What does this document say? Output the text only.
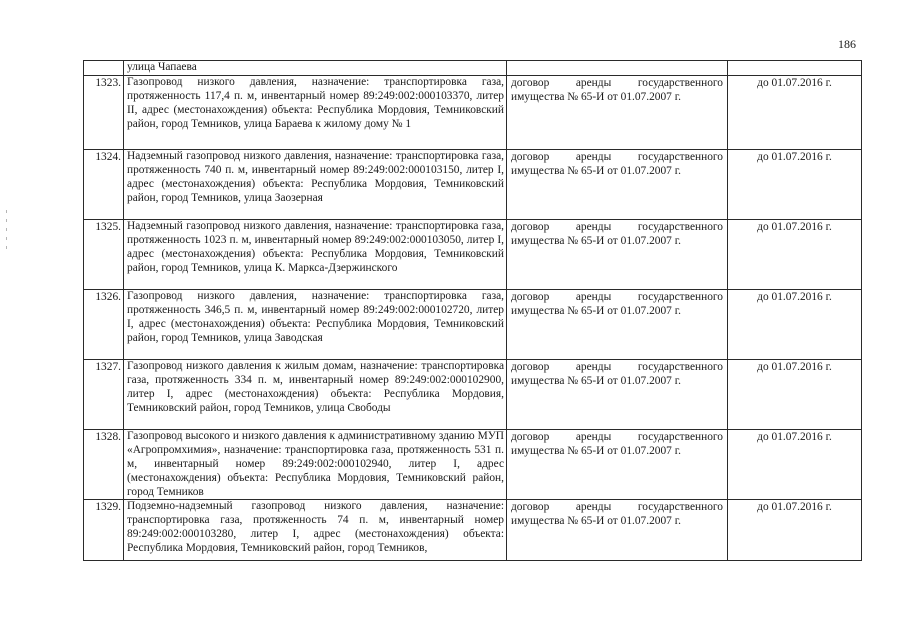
186
	улица Чапаева		
1323.	Газопровод низкого давления, назначение: транспортировка газа, протяженность 117,4 п. м, инвентарный номер 89:249:002:000103370, литер II, адрес (местонахождения) объекта: Республика Мордовия, Темниковский район, город Темников, улица Бараева к жилому дому № 1	договор аренды государственного имущества № 65-И от 01.07.2007 г.	до 01.07.2016 г.
1324.	Надземный газопровод низкого давления, назначение: транспортировка газа, протяженность 740 п. м, инвентарный номер 89:249:002:000103150, литер I, адрес (местонахождения) объекта: Республика Мордовия, Темниковский район, город Темников, улица Заозерная	договор аренды государственного имущества № 65-И от 01.07.2007 г.	до 01.07.2016 г.
1325.	Надземный газопровод низкого давления, назначение: транспортировка газа, протяженность 1023 п. м, инвентарный номер 89:249:002:000103050, литер I, адрес (местонахождения) объекта: Республика Мордовия, Темниковский район, город Темников, улица К. Маркса-Дзержинского	договор аренды государственного имущества № 65-И от 01.07.2007 г.	до 01.07.2016 г.
1326.	Газопровод низкого давления, назначение: транспортировка газа, протяженность 346,5 п. м, инвентарный номер 89:249:002:000102720, литер I, адрес (местонахождения) объекта: Республика Мордовия, Темниковский район, город Темников, улица Заводская	договор аренды государственного имущества № 65-И от 01.07.2007 г.	до 01.07.2016 г.
1327.	Газопровод низкого давления к жилым домам, назначение: транспортировка газа, протяженность 334 п. м, инвентарный номер 89:249:002:000102900, литер I, адрес (местонахождения) объекта: Республика Мордовия, Темниковский район, город Темников, улица Свободы	договор аренды государственного имущества № 65-И от 01.07.2007 г.	до 01.07.2016 г.
1328.	Газопровод высокого и низкого давления к административному зданию МУП «Агропромхимия», назначение: транспортировка газа, протяженность 531 п. м, инвентарный номер 89:249:002:000102940, литер I, адрес (местонахождения) объекта: Республика Мордовия, Темниковский район, город Темников	договор аренды государственного имущества № 65-И от 01.07.2007 г.	до 01.07.2016 г.
1329.	Подземно-надземный газопровод низкого давления, назначение: транспортировка газа, протяженность 74 п. м, инвентарный номер 89:249:002:000103280, литер I, адрес (местонахождения) объекта: Республика Мордовия, Темниковский район, город Темников,	договор аренды государственного имущества № 65-И от 01.07.2007 г.	до 01.07.2016 г.
